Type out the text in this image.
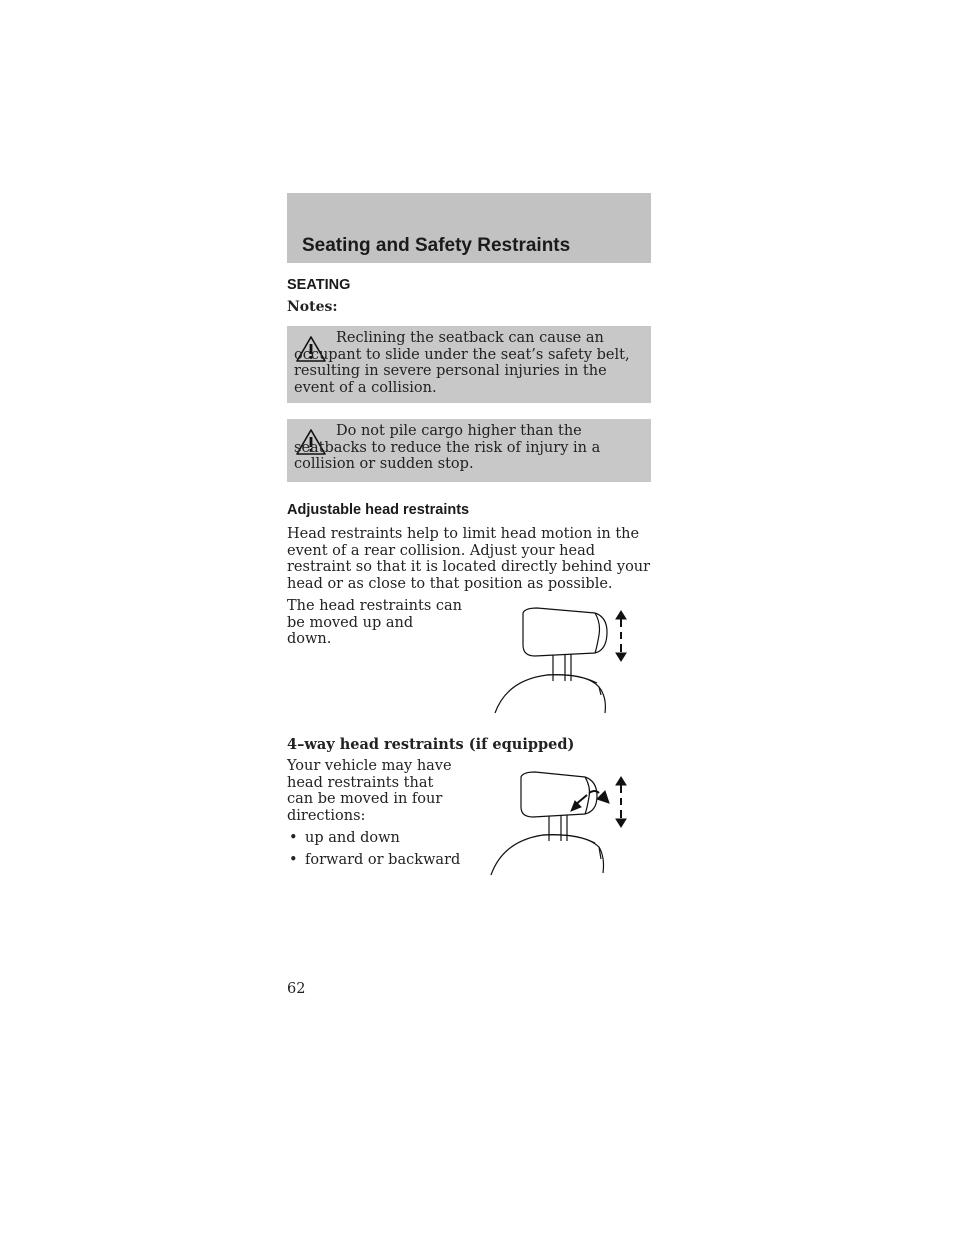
Seating and Safety Restraints
SEATING
Notes:

Reclining the seatback can cause an occupant to slide under the seat’s safety belt, resulting in severe personal injuries in the event of a collision.

Do not pile cargo higher than the seatbacks to reduce the risk of injury in a collision or sudden stop.

Adjustable head restraints

Head restraints help to limit head motion in the event of a rear collision. Adjust your head restraint so that it is located directly behind your head or as close to that position as possible.

The head restraints can be moved up and down.

4–way head restraints (if equipped)

Your vehicle may have head restraints that can be moved in four directions:

• up and down
• forward or backward
62
